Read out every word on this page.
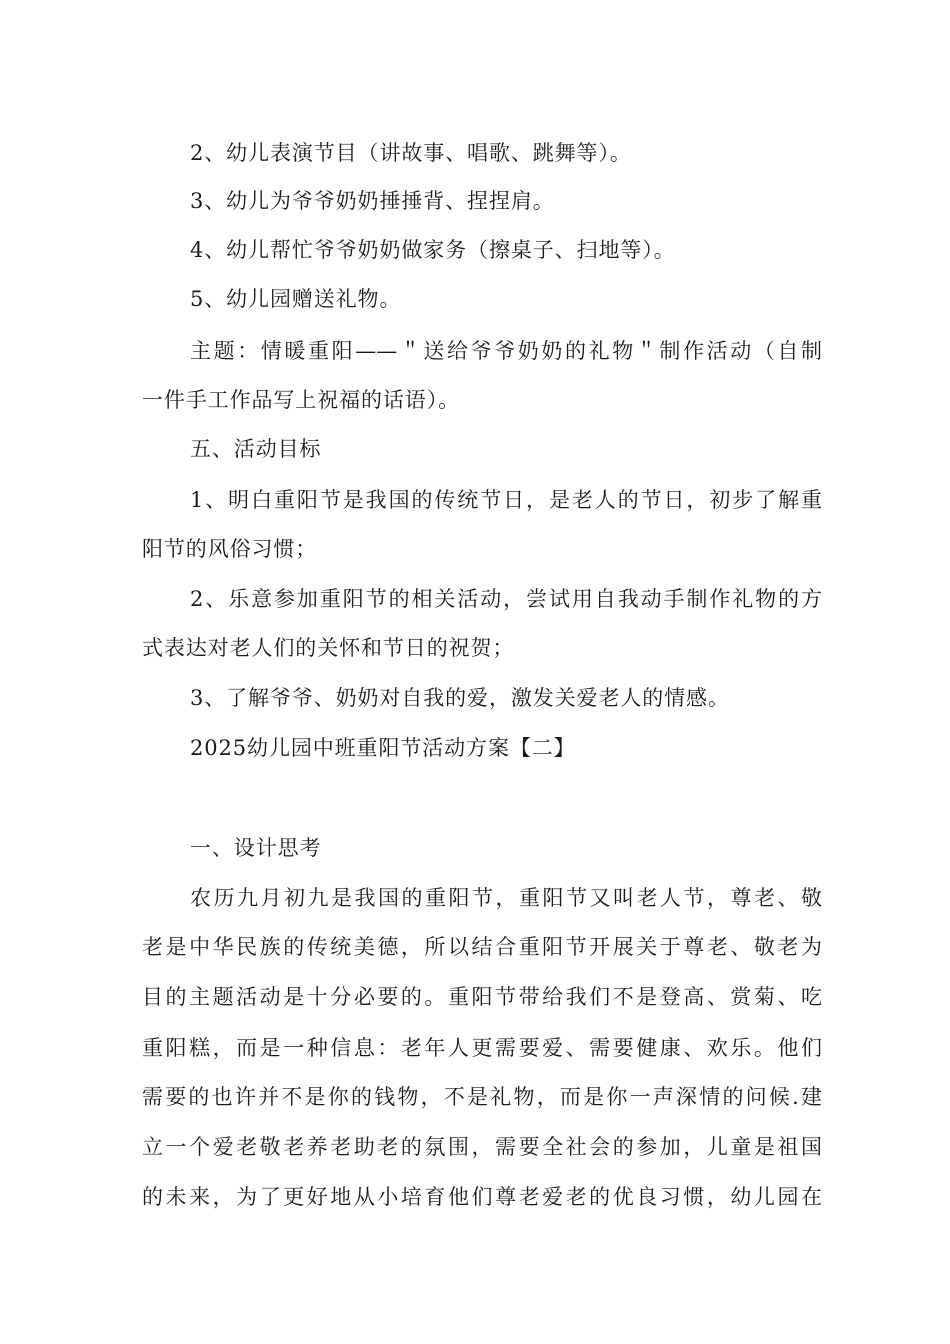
2、幼儿表演节目（讲故事、唱歌、跳舞等）。
3、幼儿为爷爷奶奶捶捶背、捏捏肩。
4、幼儿帮忙爷爷奶奶做家务（擦桌子、扫地等）。
5、幼儿园赠送礼物。
主题：情暖重阳——＂送给爷爷奶奶的礼物＂制作活动（自制
一件手工作品写上祝福的话语）。
五、活动目标
1、明白重阳节是我国的传统节日，是老人的节日，初步了解重
阳节的风俗习惯；
2、乐意参加重阳节的相关活动，尝试用自我动手制作礼物的方
式表达对老人们的关怀和节日的祝贺；
3、了解爷爷、奶奶对自我的爱，激发关爱老人的情感。
2025幼儿园中班重阳节活动方案【二】
一、设计思考
农历九月初九是我国的重阳节，重阳节又叫老人节，尊老、敬
老是中华民族的传统美德，所以结合重阳节开展关于尊老、敬老为
目的主题活动是十分必要的。重阳节带给我们不是登高、赏菊、吃
重阳糕，而是一种信息：老年人更需要爱、需要健康、欢乐。他们
需要的也许并不是你的钱物，不是礼物，而是你一声深情的问候.建
立一个爱老敬老养老助老的氛围，需要全社会的参加，儿童是祖国
的未来，为了更好地从小培育他们尊老爱老的优良习惯，幼儿园在
